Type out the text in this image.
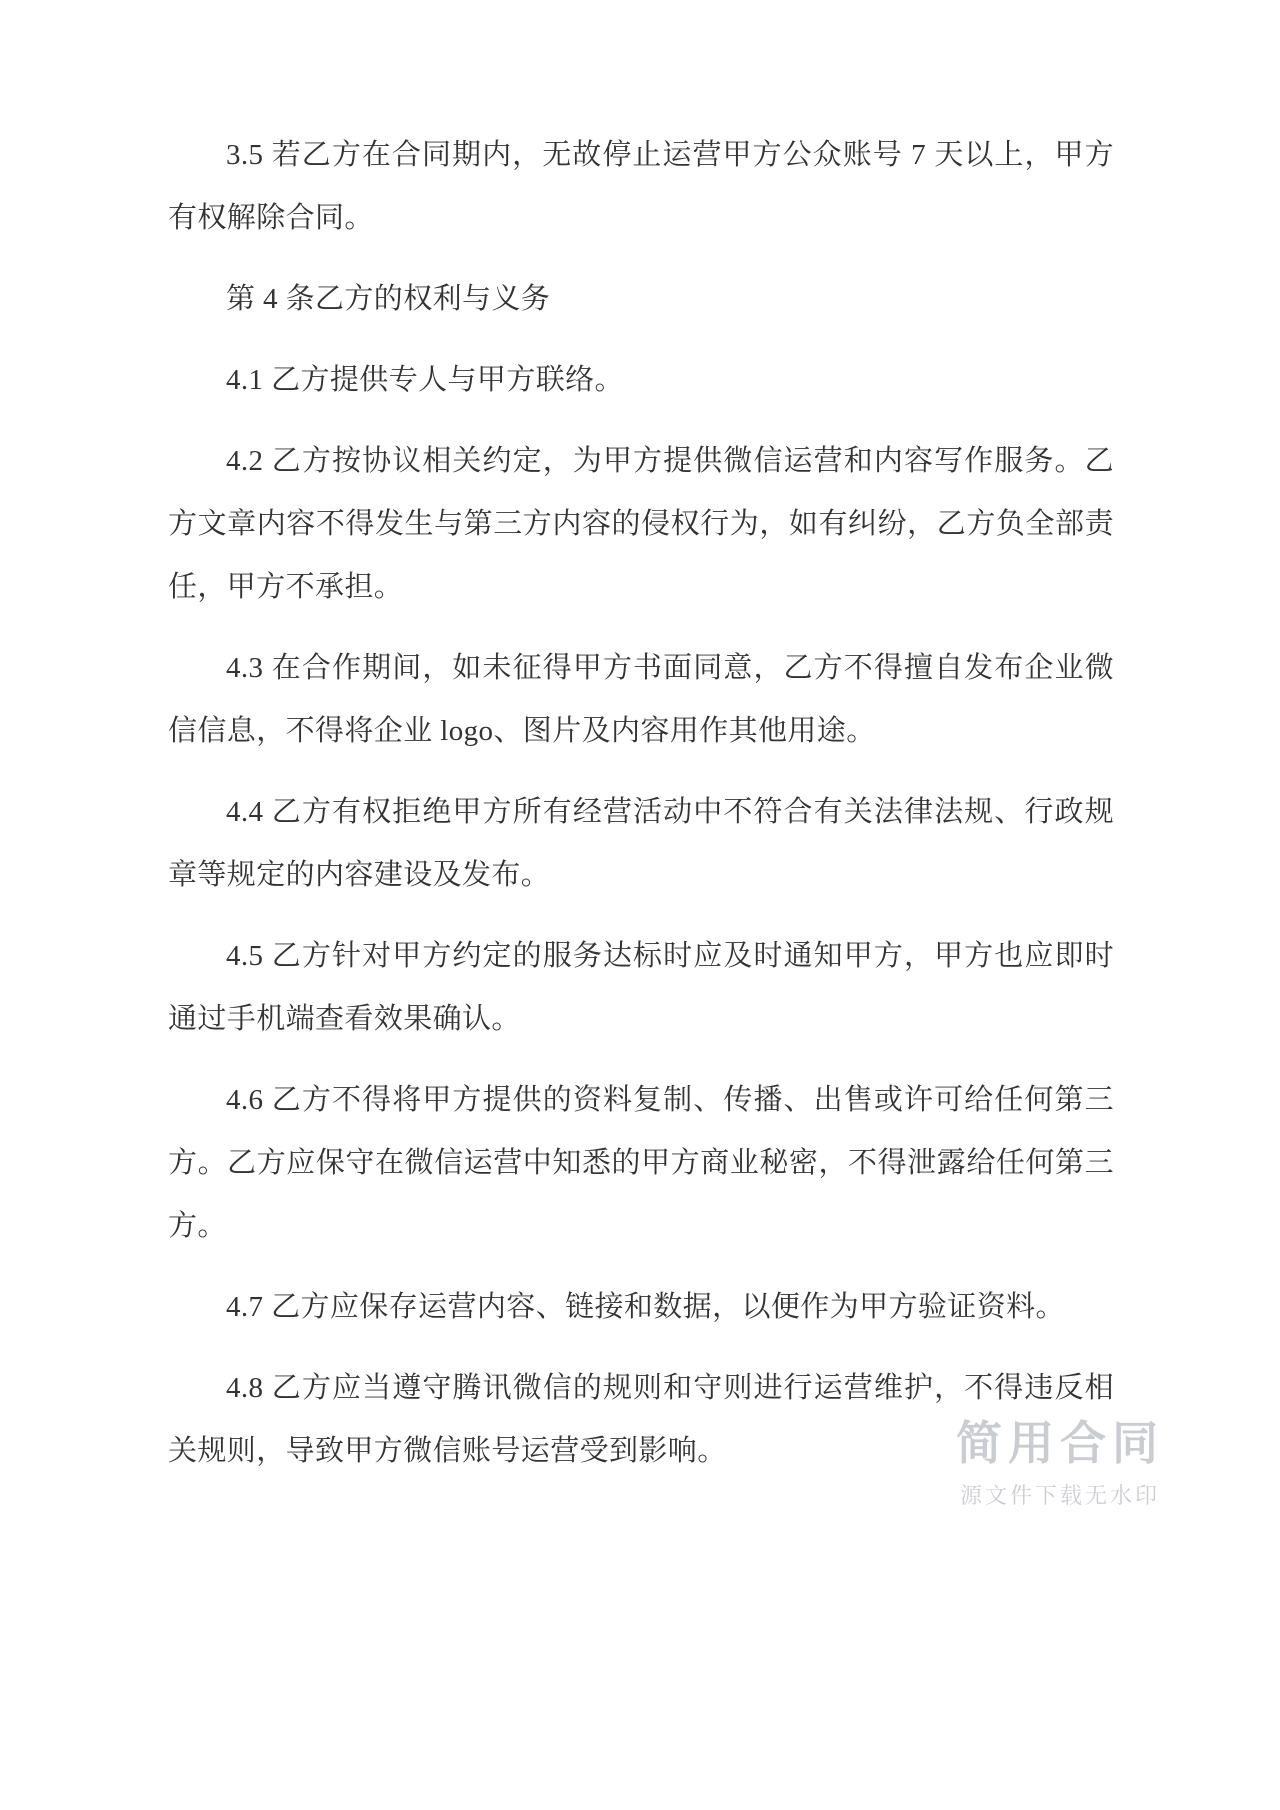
3.5 若乙方在合同期内，无故停止运营甲方公众账号 7 天以上，甲方有权解除合同。

第 4 条乙方的权利与义务

4.1 乙方提供专人与甲方联络。

4.2 乙方按协议相关约定，为甲方提供微信运营和内容写作服务。乙方文章内容不得发生与第三方内容的侵权行为，如有纠纷，乙方负全部责任，甲方不承担。

4.3 在合作期间，如未征得甲方书面同意，乙方不得擅自发布企业微信信息，不得将企业 logo、图片及内容用作其他用途。

4.4 乙方有权拒绝甲方所有经营活动中不符合有关法律法规、行政规章等规定的内容建设及发布。

4.5 乙方针对甲方约定的服务达标时应及时通知甲方，甲方也应即时通过手机端查看效果确认。

4.6 乙方不得将甲方提供的资料复制、传播、出售或许可给任何第三方。乙方应保守在微信运营中知悉的甲方商业秘密，不得泄露给任何第三方。

4.7 乙方应保存运营内容、链接和数据，以便作为甲方验证资料。

4.8 乙方应当遵守腾讯微信的规则和守则进行运营维护，不得违反相关规则，导致甲方微信账号运营受到影响。	简用合同
源文件下载无水印
